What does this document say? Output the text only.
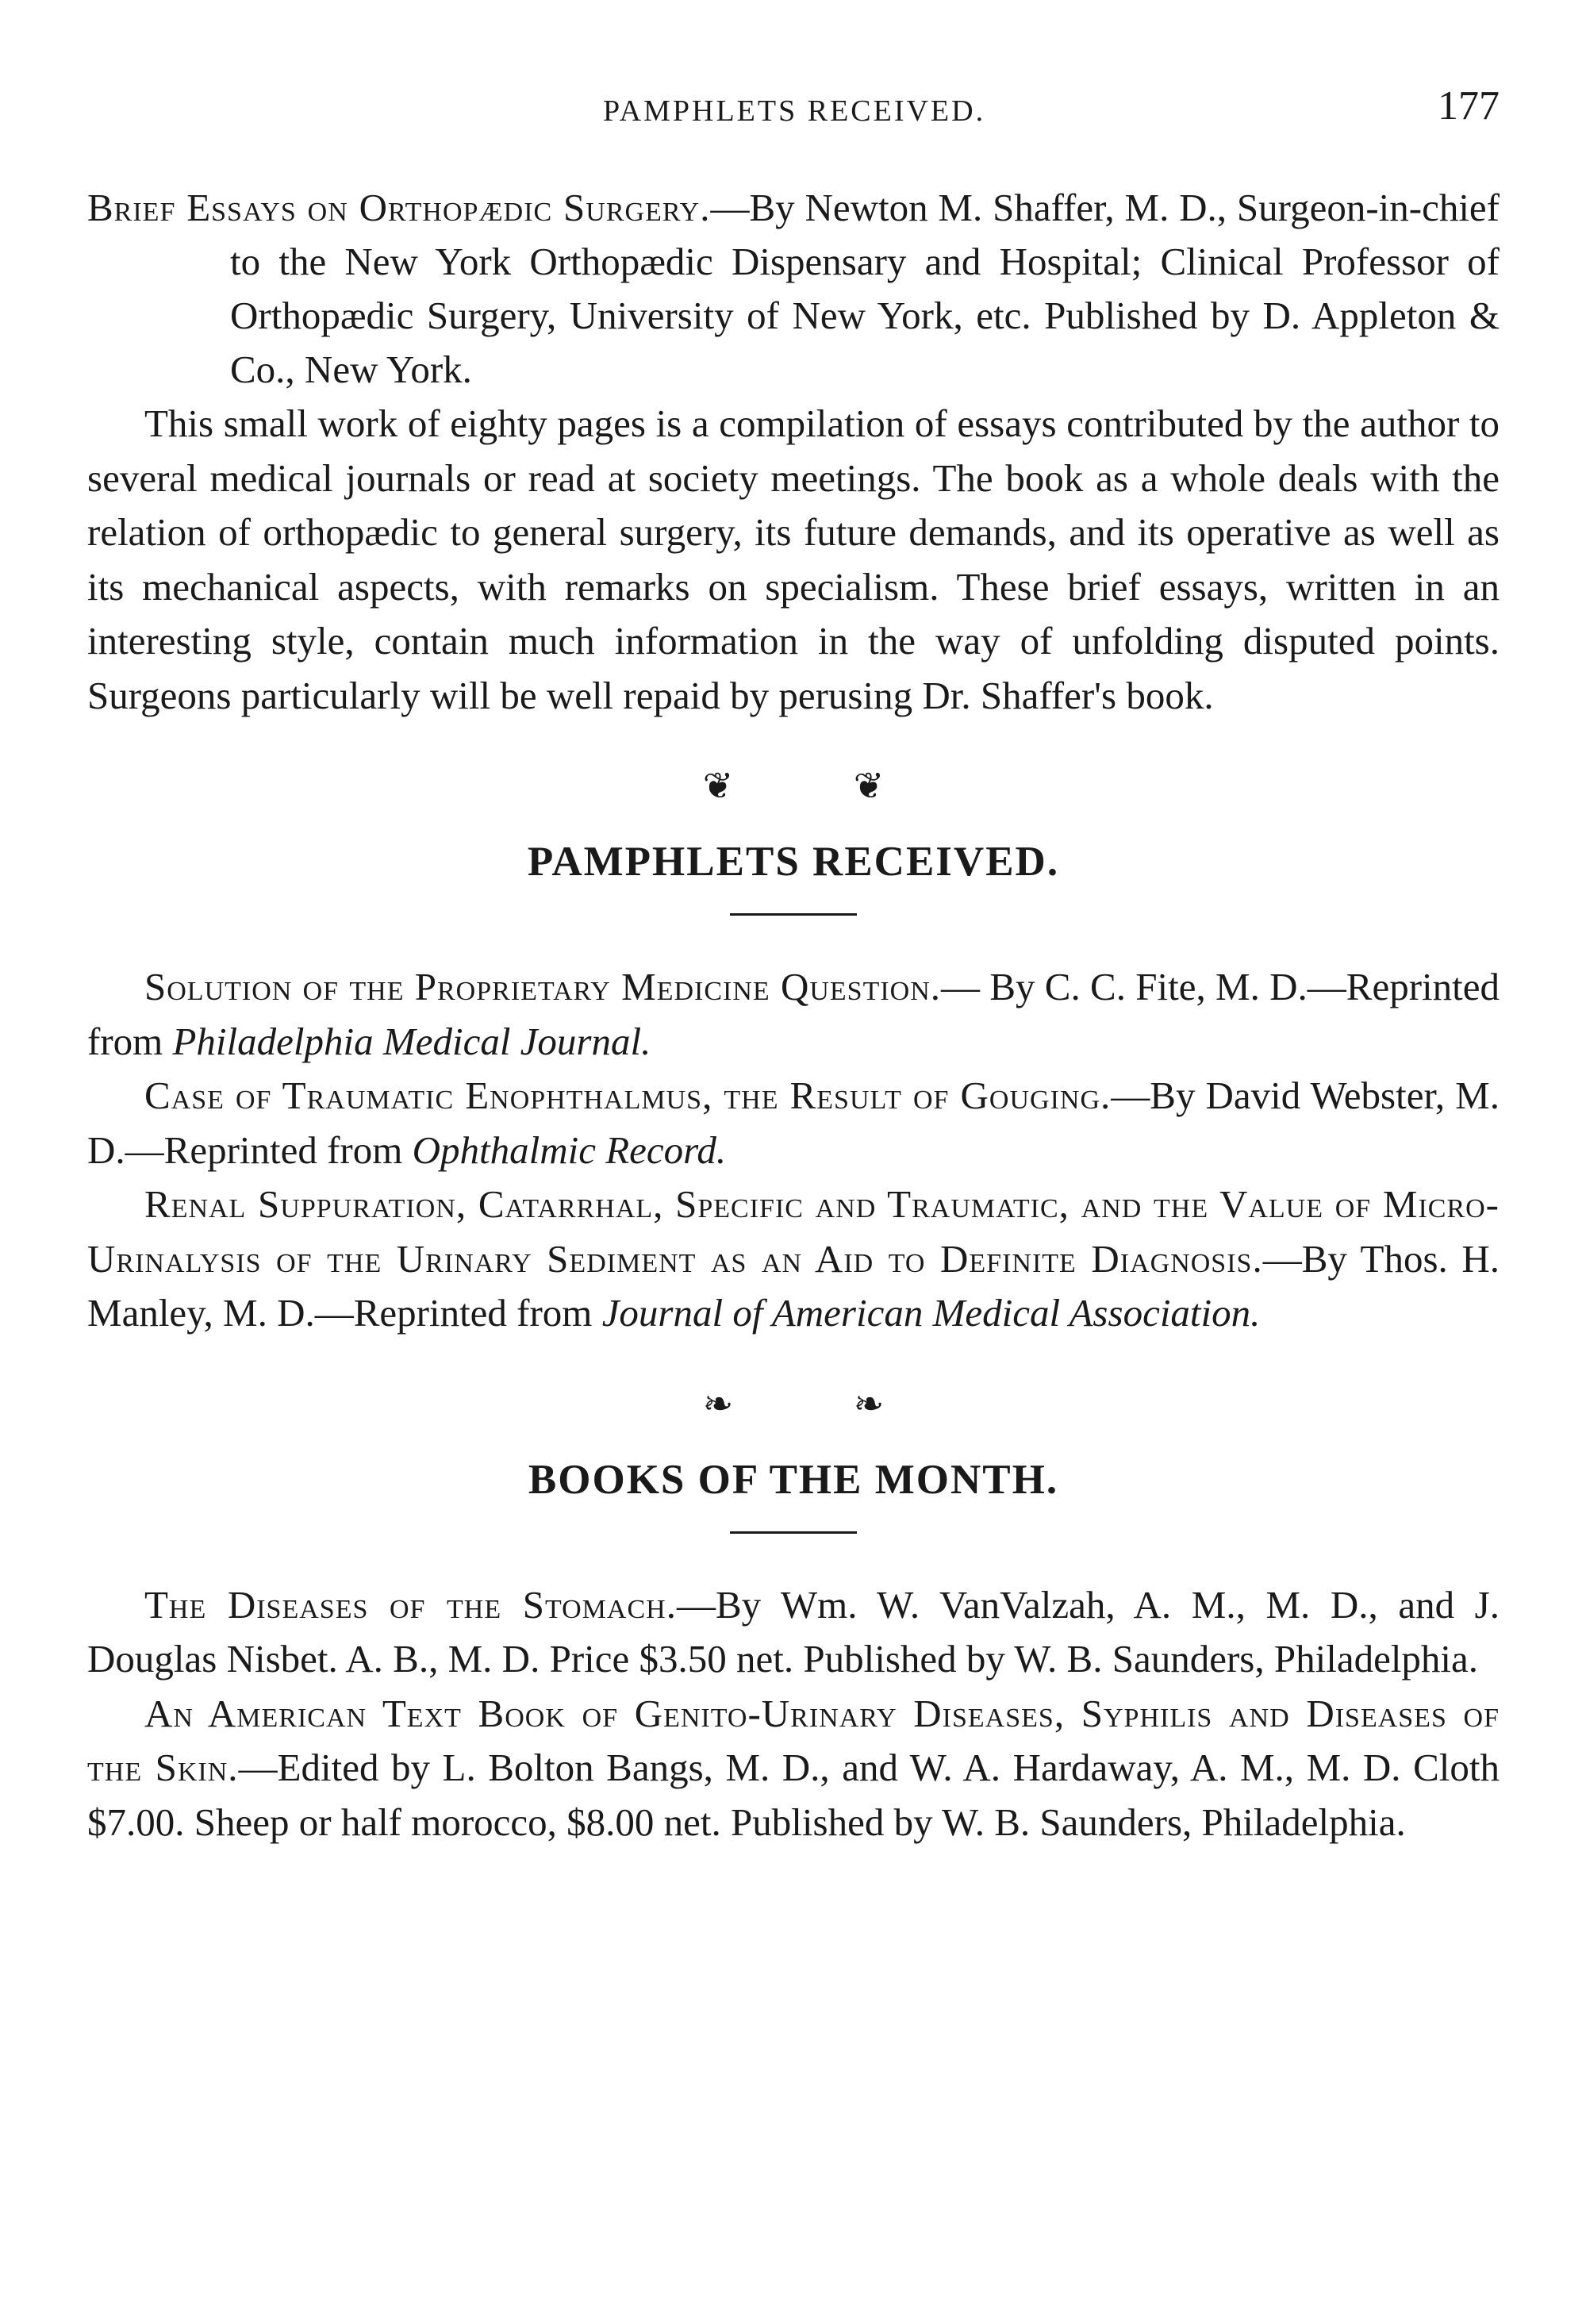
PAMPHLETS RECEIVED.	177

Brief Essays on Orthopædic Surgery.—By Newton M. Shaffer, M. D., Surgeon-in-chief to the New York Orthopædic Dispensary and Hospital; Clinical Professor of Orthopædic Surgery, University of New York, etc. Published by D. Appleton & Co., New York.

This small work of eighty pages is a compilation of essays contributed by the author to several medical journals or read at society meetings. The book as a whole deals with the relation of orthopædic to general surgery, its future demands, and its operative as well as its mechanical aspects, with remarks on specialism. These brief essays, written in an interesting style, contain much information in the way of unfolding disputed points. Surgeons particularly will be well repaid by perusing Dr. Shaffer's book.

❦ ❦
PAMPHLETS RECEIVED.

Solution of the Proprietary Medicine Question.— By C. C. Fite, M. D.—Reprinted from Philadelphia Medical Journal.

Case of Traumatic Enophthalmus, the Result of Gouging.—By David Webster, M. D.—Reprinted from Ophthalmic Record.

Renal Suppuration, Catarrhal, Specific and Traumatic, and the Value of Micro-Urinalysis of the Urinary Sediment as an Aid to Definite Diagnosis.—By Thos. H. Manley, M. D.—Reprinted from Journal of American Medical Association.

❧ ❧
BOOKS OF THE MONTH.

The Diseases of the Stomach.—By Wm. W. VanValzah, A. M., M. D., and J. Douglas Nisbet. A. B., M. D. Price $3.50 net. Published by W. B. Saunders, Philadelphia.

An American Text Book of Genito-Urinary Diseases, Syphilis and Diseases of the Skin.—Edited by L. Bolton Bangs, M. D., and W. A. Hardaway, A. M., M. D. Cloth $7.00. Sheep or half morocco, $8.00 net. Published by W. B. Saunders, Philadelphia.
